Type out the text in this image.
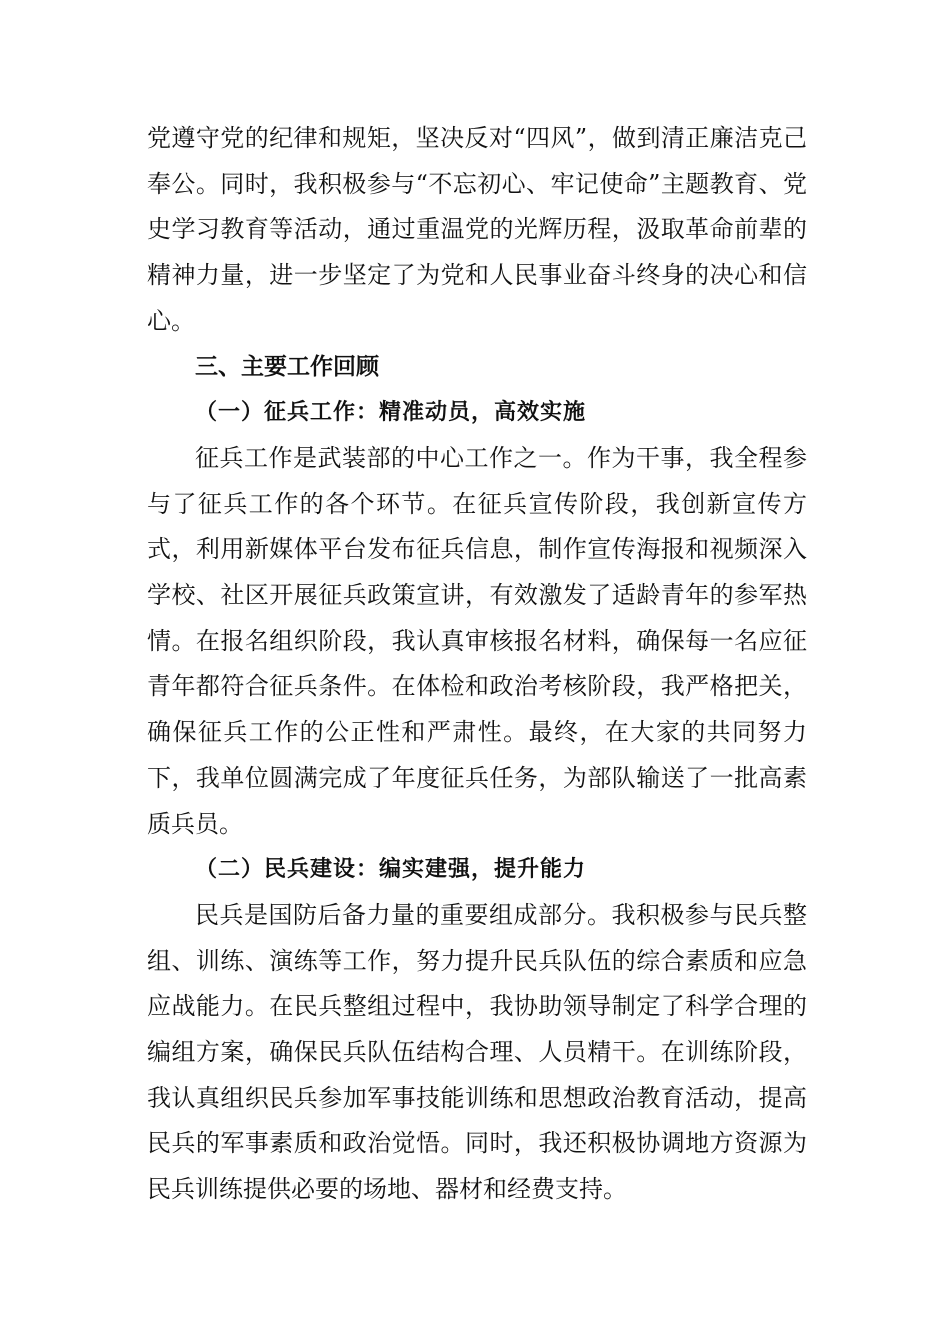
党遵守党的纪律和规矩，坚决反对“四风”，做到清正廉洁克己奉公。同时，我积极参与“不忘初心、牢记使命”主题教育、党史学习教育等活动，通过重温党的光辉历程，汲取革命前辈的精神力量，进一步坚定了为党和人民事业奋斗终身的决心和信心。

三、主要工作回顾

（一）征兵工作：精准动员，高效实施

征兵工作是武装部的中心工作之一。作为干事，我全程参与了征兵工作的各个环节。在征兵宣传阶段，我创新宣传方式，利用新媒体平台发布征兵信息，制作宣传海报和视频深入学校、社区开展征兵政策宣讲，有效激发了适龄青年的参军热情。在报名组织阶段，我认真审核报名材料，确保每一名应征青年都符合征兵条件。在体检和政治考核阶段，我严格把关，确保征兵工作的公正性和严肃性。最终，在大家的共同努力下，我单位圆满完成了年度征兵任务，为部队输送了一批高素质兵员。

（二）民兵建设：编实建强，提升能力

民兵是国防后备力量的重要组成部分。我积极参与民兵整组、训练、演练等工作，努力提升民兵队伍的综合素质和应急应战能力。在民兵整组过程中，我协助领导制定了科学合理的编组方案，确保民兵队伍结构合理、人员精干。在训练阶段，我认真组织民兵参加军事技能训练和思想政治教育活动，提高民兵的军事素质和政治觉悟。同时，我还积极协调地方资源为民兵训练提供必要的场地、器材和经费支持。
